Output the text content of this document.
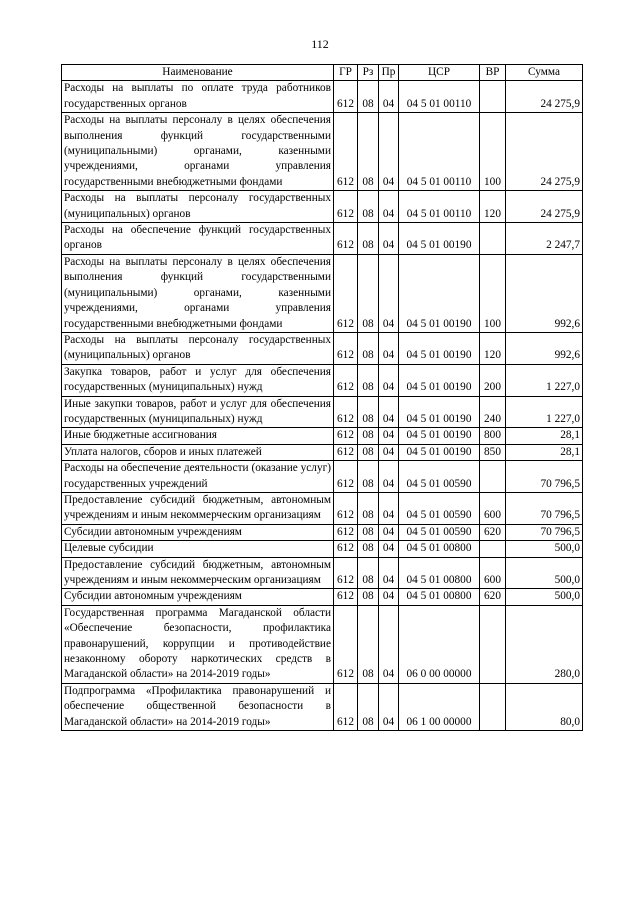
112
Наименование	ГР	Рз	Пр	ЦСР	ВР	Сумма
Расходы на выплаты по оплате труда работников государственных органов	612	08	04	04 5 01 00110		24 275,9
Расходы на выплаты персоналу в целях обеспечения выполнения функций государственными (муниципальными) органами, казенными учреждениями, органами управления государственными внебюджетными фондами	612	08	04	04 5 01 00110	100	24 275,9
Расходы на выплаты персоналу государственных (муниципальных) органов	612	08	04	04 5 01 00110	120	24 275,9
Расходы на обеспечение функций государственных органов	612	08	04	04 5 01 00190		2 247,7
Расходы на выплаты персоналу в целях обеспечения выполнения функций государственными (муниципальными) органами, казенными учреждениями, органами управления государственными внебюджетными фондами	612	08	04	04 5 01 00190	100	992,6
Расходы на выплаты персоналу государственных (муниципальных) органов	612	08	04	04 5 01 00190	120	992,6
Закупка товаров, работ и услуг для обеспечения государственных (муниципальных) нужд	612	08	04	04 5 01 00190	200	1 227,0
Иные закупки товаров, работ и услуг для обеспечения государственных (муниципальных) нужд	612	08	04	04 5 01 00190	240	1 227,0
Иные бюджетные ассигнования	612	08	04	04 5 01 00190	800	28,1
Уплата налогов, сборов и иных платежей	612	08	04	04 5 01 00190	850	28,1
Расходы на обеспечение деятельности (оказание услуг) государственных учреждений	612	08	04	04 5 01 00590		70 796,5
Предоставление субсидий бюджетным, автономным учреждениям и иным некоммерческим организациям	612	08	04	04 5 01 00590	600	70 796,5
Субсидии автономным учреждениям	612	08	04	04 5 01 00590	620	70 796,5
Целевые субсидии	612	08	04	04 5 01 00800		500,0
Предоставление субсидий бюджетным, автономным учреждениям и иным некоммерческим организациям	612	08	04	04 5 01 00800	600	500,0
Субсидии автономным учреждениям	612	08	04	04 5 01 00800	620	500,0
Государственная программа Магаданской области «Обеспечение безопасности, профилактика правонарушений, коррупции и противодействие незаконному обороту наркотических средств в Магаданской области» на 2014-2019 годы»	612	08	04	06 0 00 00000		280,0
Подпрограмма «Профилактика правонарушений и обеспечение общественной безопасности в Магаданской области» на 2014-2019 годы»	612	08	04	06 1 00 00000		80,0
